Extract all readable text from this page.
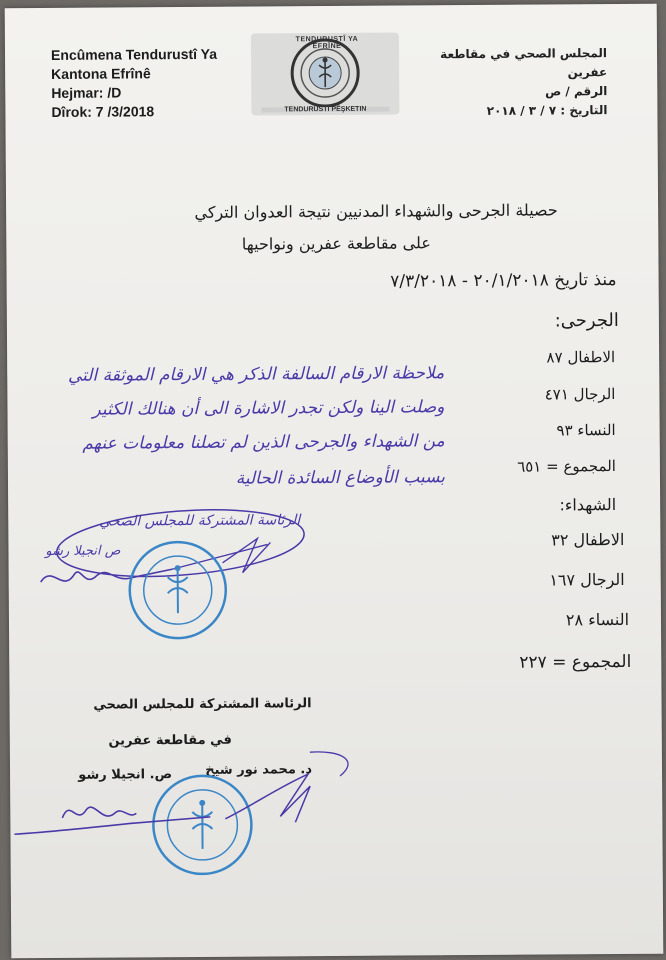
Encûmena Tendurustî Ya
Kantona Efrînê
Hejmar: /D
Dîrok: 7 /3/2018
TENDURUSTÎ YA EFRÎNÊ
TENDURUSTÎ PÊŞKETIN
المجلس الصحي في مقاطعة عفرين
الرقم / ص
التاريخ : ٧ / ٣ / ٢٠١٨
حصيلة الجرحى والشهداء المدنيين نتيجة العدوان التركي
على مقاطعة عفرين ونواحيها
منذ تاريخ ٢٠/١/٢٠١٨ - ٧/٣/٢٠١٨
الجرحى:
الاطفال ٨٧
الرجال ٤٧١
النساء ٩٣
المجموع = ٦٥١
ملاحظة الارقام السالفة الذكر هي الارقام الموثقة التي
وصلت الينا ولكن تجدر الاشارة الى أن هنالك الكثير
من الشهداء والجرحى الذين لم تصلنا معلومات عنهم
بسبب الأوضاع السائدة الحالية
الشهداء:
الاطفال ٣٢
الرجال ١٦٧
النساء ٢٨
المجموع = ٢٢٧
الرئاسة المشتركة للمجلس الصحي
ص انجيلا رشو
الرئاسة المشتركة للمجلس الصحي
في مقاطعة عفرين
د. محمد نور شيخ
ص. انجيلا رشو
